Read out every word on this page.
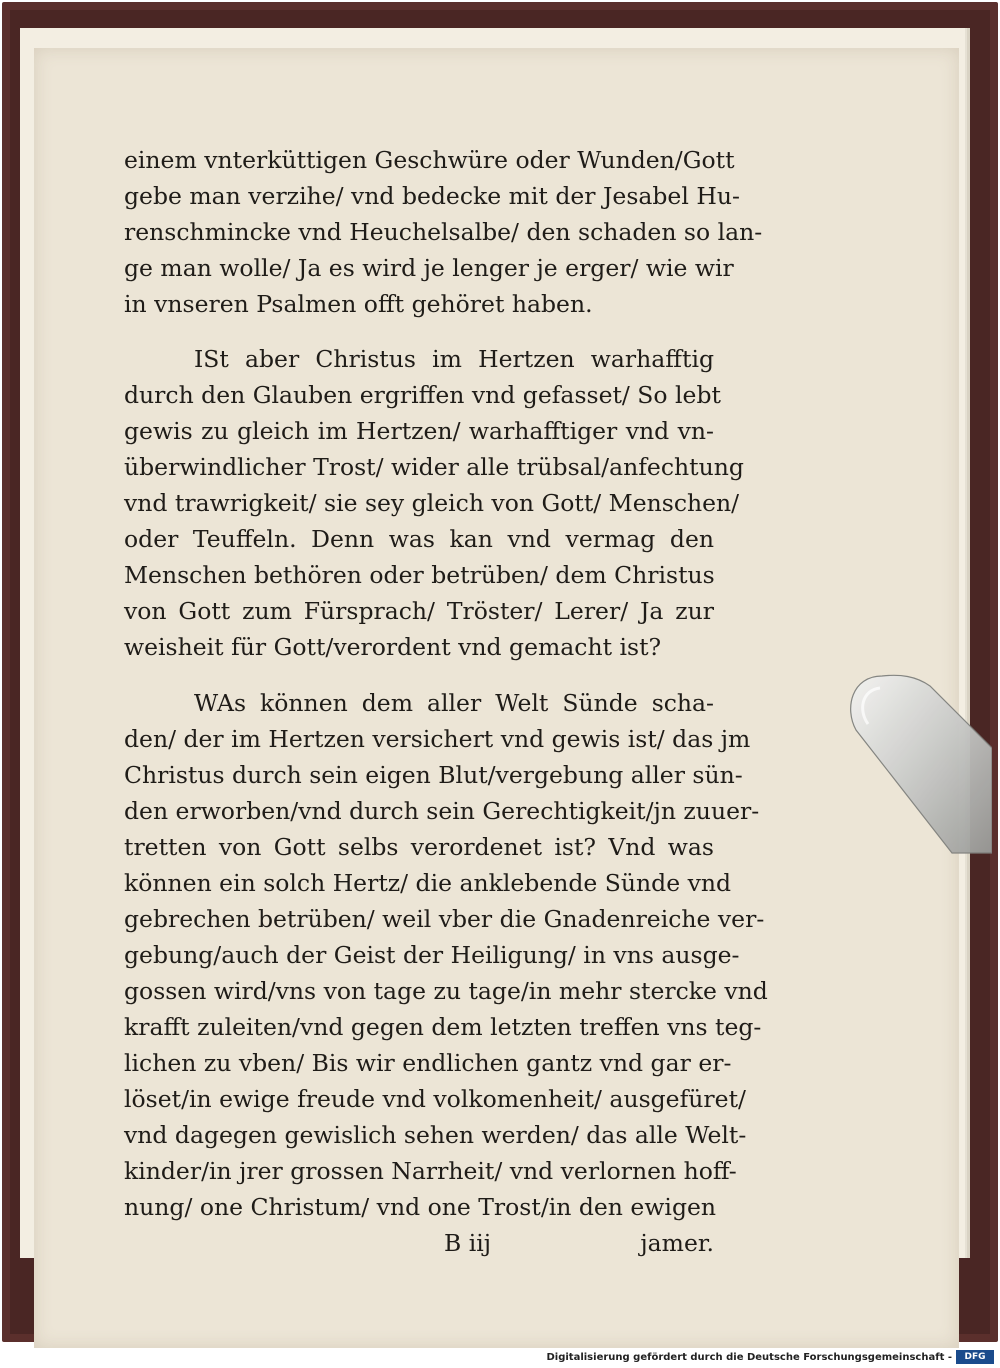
einem vnterküttigen Geschwüre oder Wunden/Gott
gebe man verzihe/ vnd bedecke mit der Jesabel Hu-
renschmincke vnd Heuchelsalbe/ den schaden so lan-
ge man wolle/ Ja es wird je lenger je erger/ wie wir
in vnseren Psalmen offt gehöret haben.
ISt aber Christus im Hertzen warhafftig
durch den Glauben ergriffen vnd gefasset/ So lebt
gewis zu gleich im Hertzen/ warhafftiger vnd vn-
überwindlicher Trost/ wider alle trübsal/anfechtung
vnd trawrigkeit/ sie sey gleich von Gott/ Menschen/
oder Teuffeln. Denn was kan vnd vermag den
Menschen bethören oder betrüben/ dem Christus
von Gott zum Fürsprach/ Tröster/ Lerer/ Ja zur
weisheit für Gott/verordent vnd gemacht ist?
WAs können dem aller Welt Sünde scha-
den/ der im Hertzen versichert vnd gewis ist/ das jm
Christus durch sein eigen Blut/vergebung aller sün-
den erworben/vnd durch sein Gerechtigkeit/jn zuuer-
tretten von Gott selbs verordenet ist? Vnd was
können ein solch Hertz/ die anklebende Sünde vnd
gebrechen betrüben/ weil vber die Gnadenreiche ver-
gebung/auch der Geist der Heiligung/ in vns ausge-
gossen wird/vns von tage zu tage/in mehr stercke vnd
krafft zuleiten/vnd gegen dem letzten treffen vns teg-
lichen zu vben/ Bis wir endlichen gantz vnd gar er-
löset/in ewige freude vnd volkomenheit/ ausgefüret/
vnd dagegen gewislich sehen werden/ das alle Welt-
kinder/in jrer grossen Narrheit/ vnd verlornen hoff-
nung/ one Christum/ vnd one Trost/in den ewigen
B iij	jamer.
Digitalisierung gefördert durch die Deutsche Forschungsgemeinschaft -	DFG
